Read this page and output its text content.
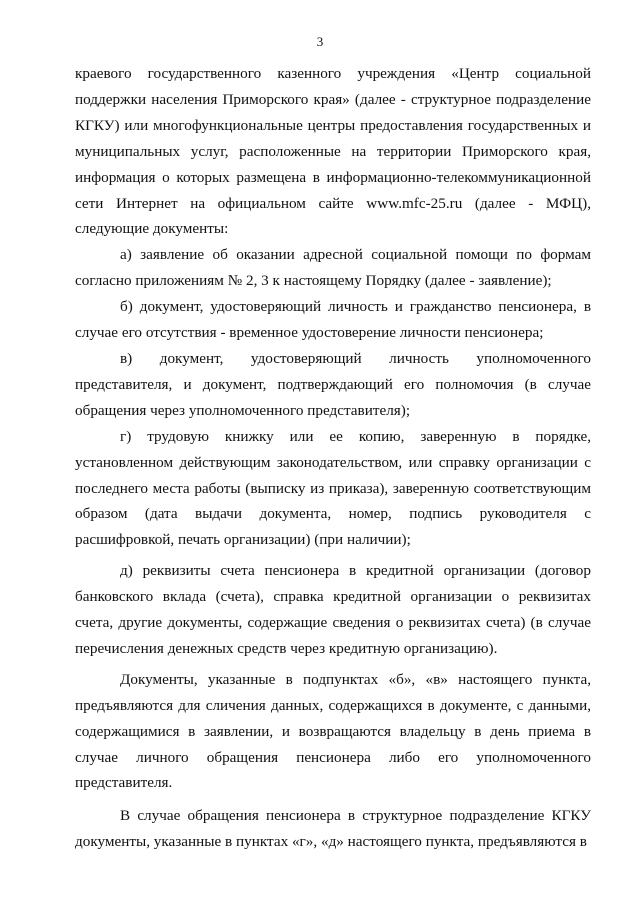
3

краевого государственного казенного учреждения «Центр социальной поддержки населения Приморского края» (далее - структурное подразделение КГКУ) или многофункциональные центры предоставления государственных и муниципальных услуг, расположенные на территории Приморского края, информация о которых размещена в информационно-телекоммуникационной сети Интернет на официальном сайте www.mfc-25.ru (далее - МФЦ), следующие документы:

а) заявление об оказании адресной социальной помощи по формам согласно приложениям № 2, 3 к настоящему Порядку (далее - заявление);

б) документ, удостоверяющий личность и гражданство пенсионера, в случае его отсутствия - временное удостоверение личности пенсионера;

в) документ, удостоверяющий личность уполномоченного представителя, и документ, подтверждающий его полномочия (в случае обращения через уполномоченного представителя);

г) трудовую книжку или ее копию, заверенную в порядке, установленном действующим законодательством, или справку организации с последнего места работы (выписку из приказа), заверенную соответствующим образом (дата выдачи документа, номер, подпись руководителя с расшифровкой, печать организации) (при наличии);

д) реквизиты счета пенсионера в кредитной организации (договор банковского вклада (счета), справка кредитной организации о реквизитах счета, другие документы, содержащие сведения о реквизитах счета) (в случае перечисления денежных средств через кредитную организацию).

Документы, указанные в подпунктах «б», «в» настоящего пункта, предъявляются для сличения данных, содержащихся в документе, с данными, содержащимися в заявлении, и возвращаются владельцу в день приема в случае личного обращения пенсионера либо его уполномоченного представителя.

В случае обращения пенсионера в структурное подразделение КГКУ документы, указанные в пунктах «г», «д» настоящего пункта, предъявляются в
